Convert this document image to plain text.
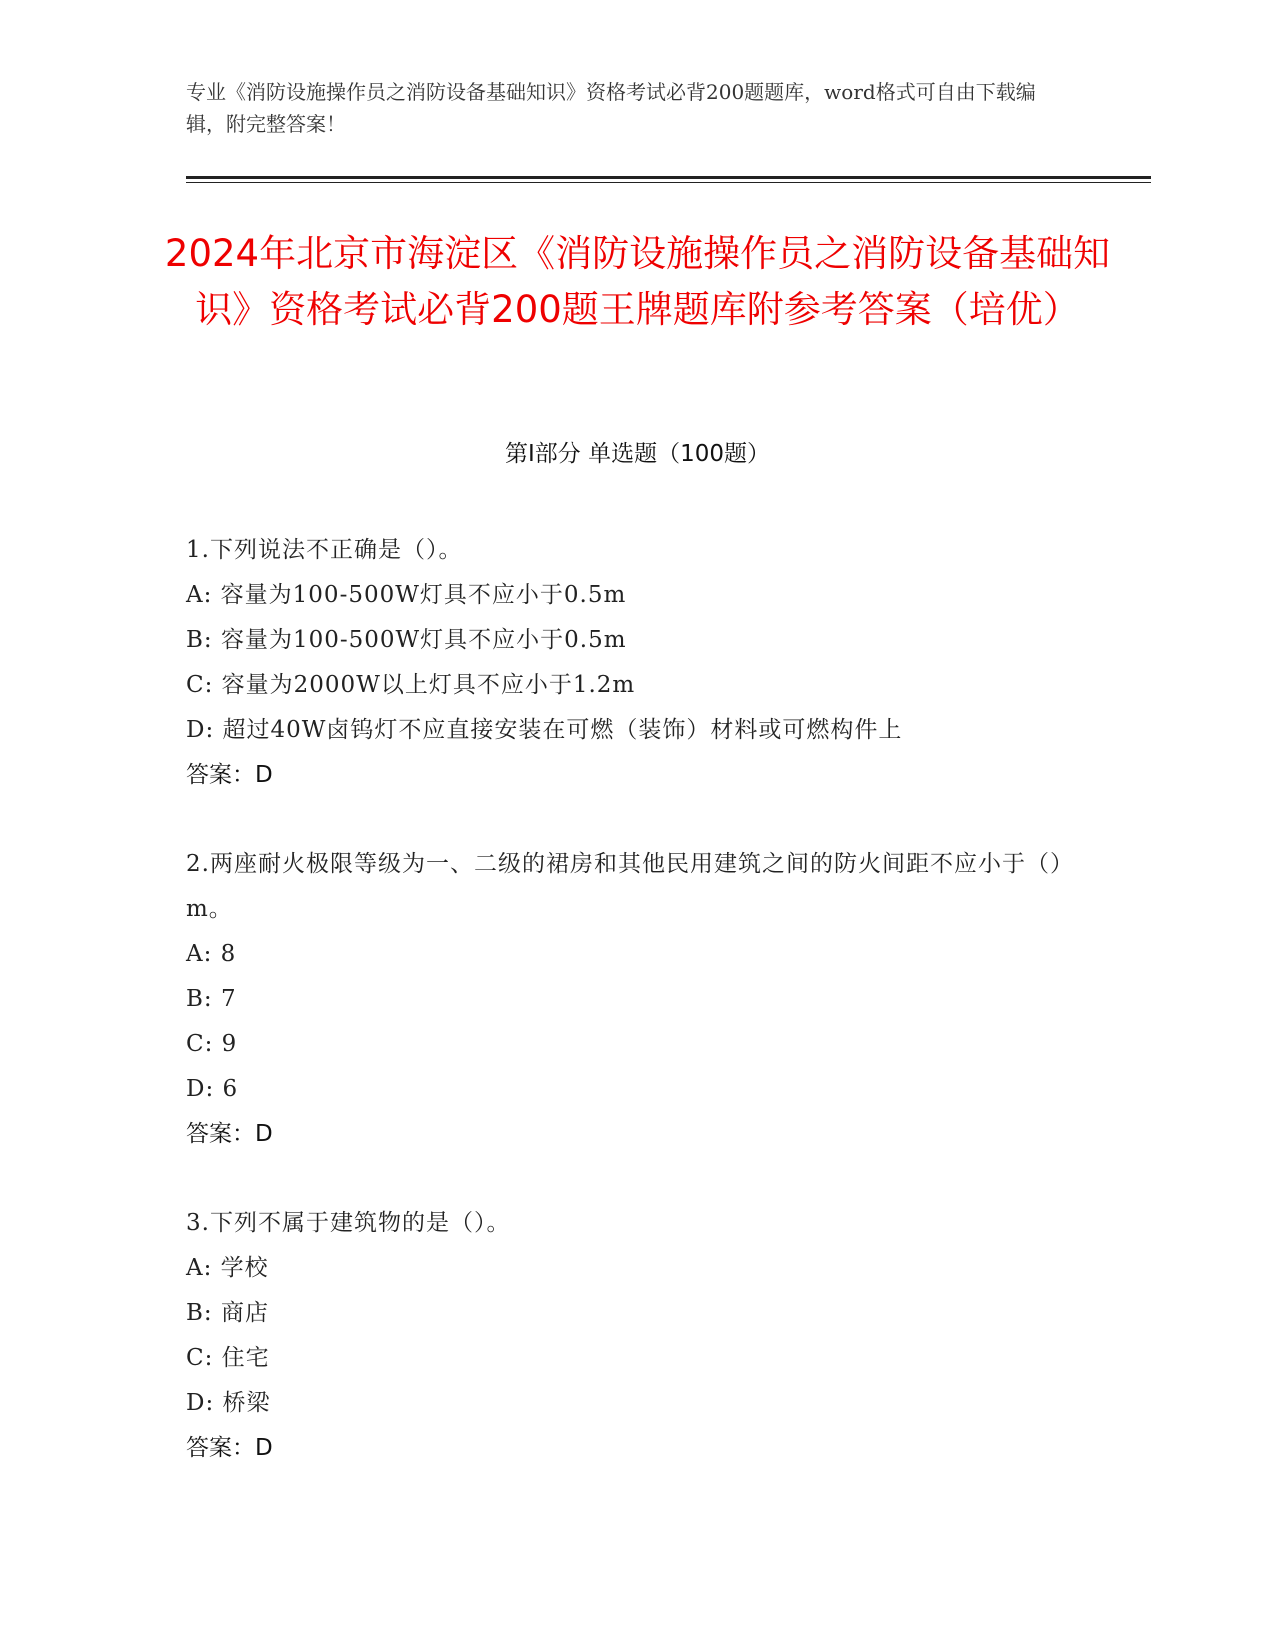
专业《消防设施操作员之消防设备基础知识》资格考试必背200题题库，word格式可自由下载编辑，附完整答案！
2024年北京市海淀区《消防设施操作员之消防设备基础知识》资格考试必背200题王牌题库附参考答案（培优）
第I部分 单选题（100题）

1.下列说法不正确是（）。

A: 容量为100-500W灯具不应小于0.5m

B: 容量为100-500W灯具不应小于0.5m

C: 容量为2000W以上灯具不应小于1.2m

D: 超过40W卤钨灯不应直接安装在可燃（装饰）材料或可燃构件上

答案：D

2.两座耐火极限等级为一、二级的裙房和其他民用建筑之间的防火间距不应小于（）m。

A: 8

B: 7

C: 9

D: 6

答案：D

3.下列不属于建筑物的是（）。

A: 学校

B: 商店

C: 住宅

D: 桥梁

答案：D
